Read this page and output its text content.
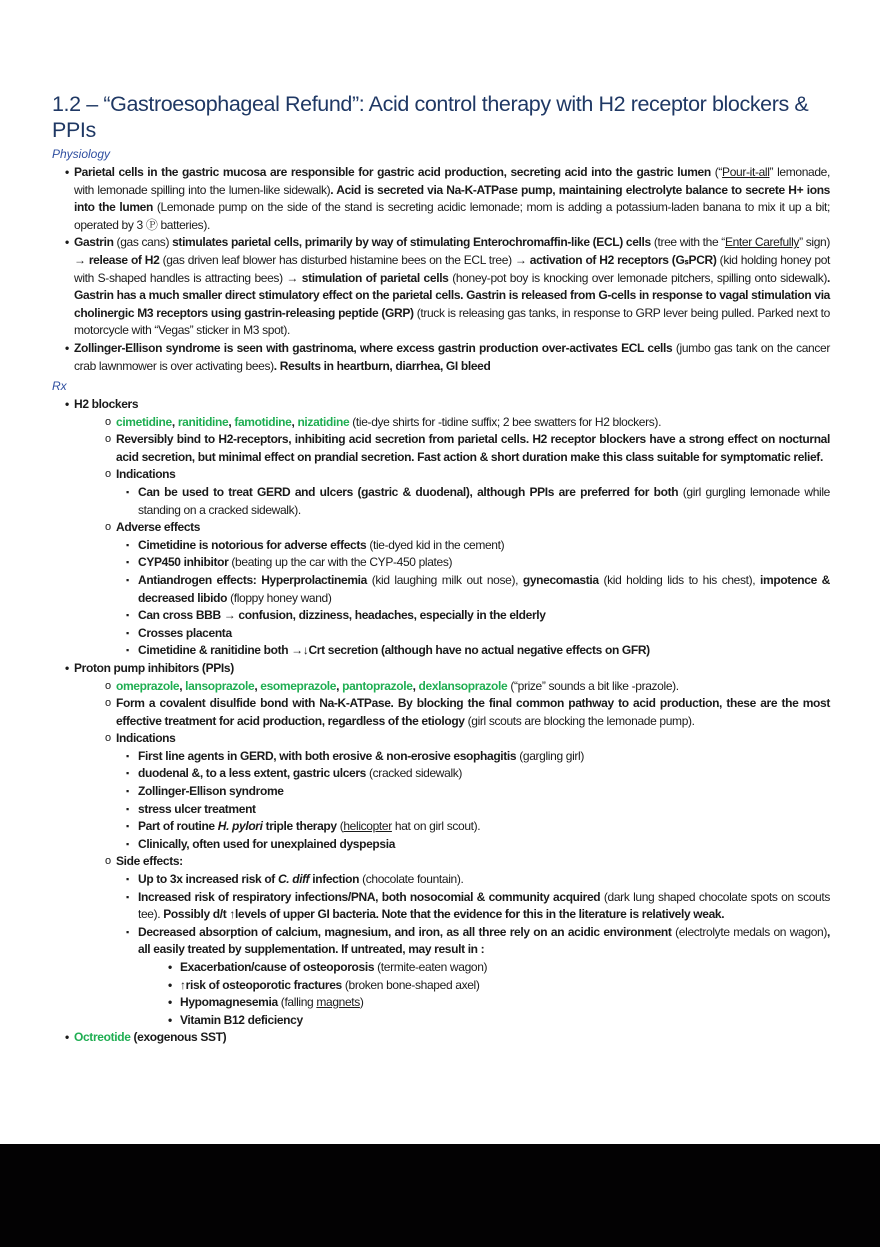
1.2 – “Gastroesophageal Refund”: Acid control therapy with H2 receptor blockers & PPIs
Physiology
• Parietal cells in the gastric mucosa are responsible for gastric acid production, secreting acid into the gastric lumen (“Pour-it-all” lemonade, with lemonade spilling into the lumen-like sidewalk). Acid is secreted via Na-K-ATPase pump, maintaining electrolyte balance to secrete H+ ions into the lumen (Lemonade pump on the side of the stand is secreting acidic lemonade; mom is adding a potassium-laden banana to mix it up a bit; operated by 3 Ⓟ batteries).
• Gastrin (gas cans) stimulates parietal cells, primarily by way of stimulating Enterochromaffin-like (ECL) cells (tree with the “Enter Carefully” sign) → release of H2 (gas driven leaf blower has disturbed histamine bees on the ECL tree) → activation of H2 receptors (GₛPCR) (kid holding honey pot with S-shaped handles is attracting bees) → stimulation of parietal cells (honey-pot boy is knocking over lemonade pitchers, spilling onto sidewalk). Gastrin has a much smaller direct stimulatory effect on the parietal cells. Gastrin is released from G-cells in response to vagal stimulation via cholinergic M3 receptors using gastrin-releasing peptide (GRP) (truck is releasing gas tanks, in response to GRP lever being pulled. Parked next to motorcycle with “Vegas” sticker in M3 spot).
• Zollinger-Ellison syndrome is seen with gastrinoma, where excess gastrin production over-activates ECL cells (jumbo gas tank on the cancer crab lawnmower is over activating bees). Results in heartburn, diarrhea, GI bleed
Rx
• H2 blockers
o cimetidine, ranitidine, famotidine, nizatidine (tie-dye shirts for -tidine suffix; 2 bee swatters for H2 blockers).
o Reversibly bind to H2-receptors, inhibiting acid secretion from parietal cells. H2 receptor blockers have a strong effect on nocturnal acid secretion, but minimal effect on prandial secretion. Fast action & short duration make this class suitable for symptomatic relief.
o Indications
▪ Can be used to treat GERD and ulcers (gastric & duodenal), although PPIs are preferred for both (girl gurgling lemonade while standing on a cracked sidewalk).
o Adverse effects
▪ Cimetidine is notorious for adverse effects (tie-dyed kid in the cement)
▪ CYP450 inhibitor (beating up the car with the CYP-450 plates)
▪ Antiandrogen effects: Hyperprolactinemia (kid laughing milk out nose), gynecomastia (kid holding lids to his chest), impotence & decreased libido (floppy honey wand)
▪ Can cross BBB → confusion, dizziness, headaches, especially in the elderly
▪ Crosses placenta
▪ Cimetidine & ranitidine both →↓Crt secretion (although have no actual negative effects on GFR)
• Proton pump inhibitors (PPIs)
o omeprazole, lansoprazole, esomeprazole, pantoprazole, dexlansoprazole (“prize” sounds a bit like -prazole).
o Form a covalent disulfide bond with Na-K-ATPase. By blocking the final common pathway to acid production, these are the most effective treatment for acid production, regardless of the etiology (girl scouts are blocking the lemonade pump).
o Indications
▪ First line agents in GERD, with both erosive & non-erosive esophagitis (gargling girl)
▪ duodenal &, to a less extent, gastric ulcers (cracked sidewalk)
▪ Zollinger-Ellison syndrome
▪ stress ulcer treatment
▪ Part of routine H. pylori triple therapy (helicopter hat on girl scout).
▪ Clinically, often used for unexplained dyspepsia
o Side effects:
▪ Up to 3x increased risk of C. diff infection (chocolate fountain).
▪ Increased risk of respiratory infections/PNA, both nosocomial & community acquired (dark lung shaped chocolate spots on scouts tee). Possibly d/t ↑levels of upper GI bacteria. Note that the evidence for this in the literature is relatively weak.
▪ Decreased absorption of calcium, magnesium, and iron, as all three rely on an acidic environment (electrolyte medals on wagon), all easily treated by supplementation. If untreated, may result in :
• Exacerbation/cause of osteoporosis (termite-eaten wagon)
• ↑risk of osteoporotic fractures (broken bone-shaped axel)
• Hypomagnesemia (falling magnets)
• Vitamin B12 deficiency
• Octreotide (exogenous SST)
